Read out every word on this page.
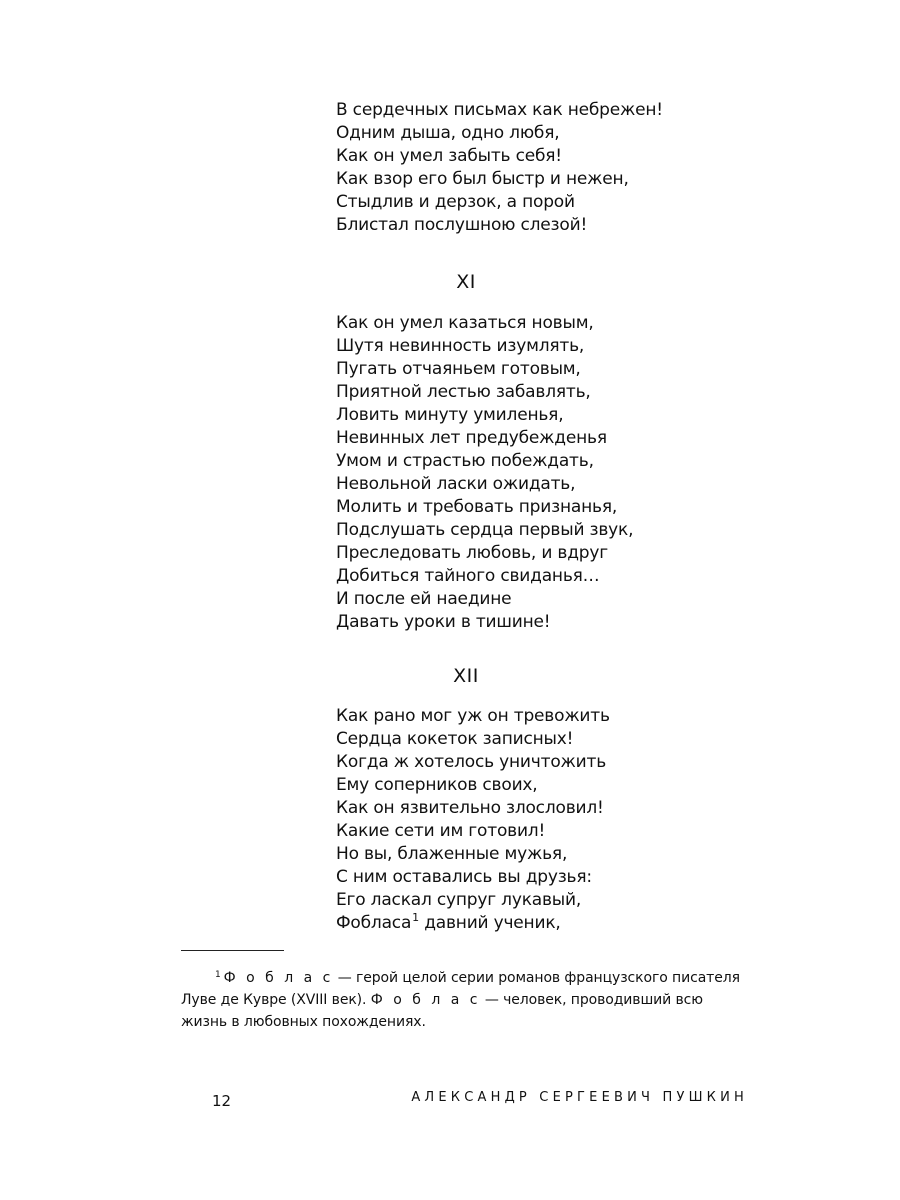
В сердечных письмах как небрежен!
Одним дыша, одно любя,
Как он умел забыть себя!
Как взор его был быстр и нежен,
Стыдлив и дерзок, а порой
Блистал послушною слезой!
XI
Как он умел казаться новым,
Шутя невинность изумлять,
Пугать отчаяньем готовым,
Приятной лестью забавлять,
Ловить минуту умиленья,
Невинных лет предубежденья
Умом и страстью побеждать,
Невольной ласки ожидать,
Молить и требовать признанья,
Подслушать сердца первый звук,
Преследовать любовь, и вдруг
Добиться тайного свиданья…
И после ей наедине
Давать уроки в тишине!
XII
Как рано мог уж он тревожить
Сердца кокеток записных!
Когда ж хотелось уничтожить
Ему соперников своих,
Как он язвительно злословил!
Какие сети им готовил!
Но вы, блаженные мужья,
С ним оставались вы друзья:
Его ласкал супруг лукавый,
Фобласа$^1$ давний ученик,
$^1$ Ф о б л а с — герой целой серии романов французского писателя Луве де Кувре (XVIII век). Ф о б л а с — человек, проводивший всю жизнь в любовных похождениях.
12	АЛЕКСАНДР СЕРГЕЕВИЧ ПУШКИН
